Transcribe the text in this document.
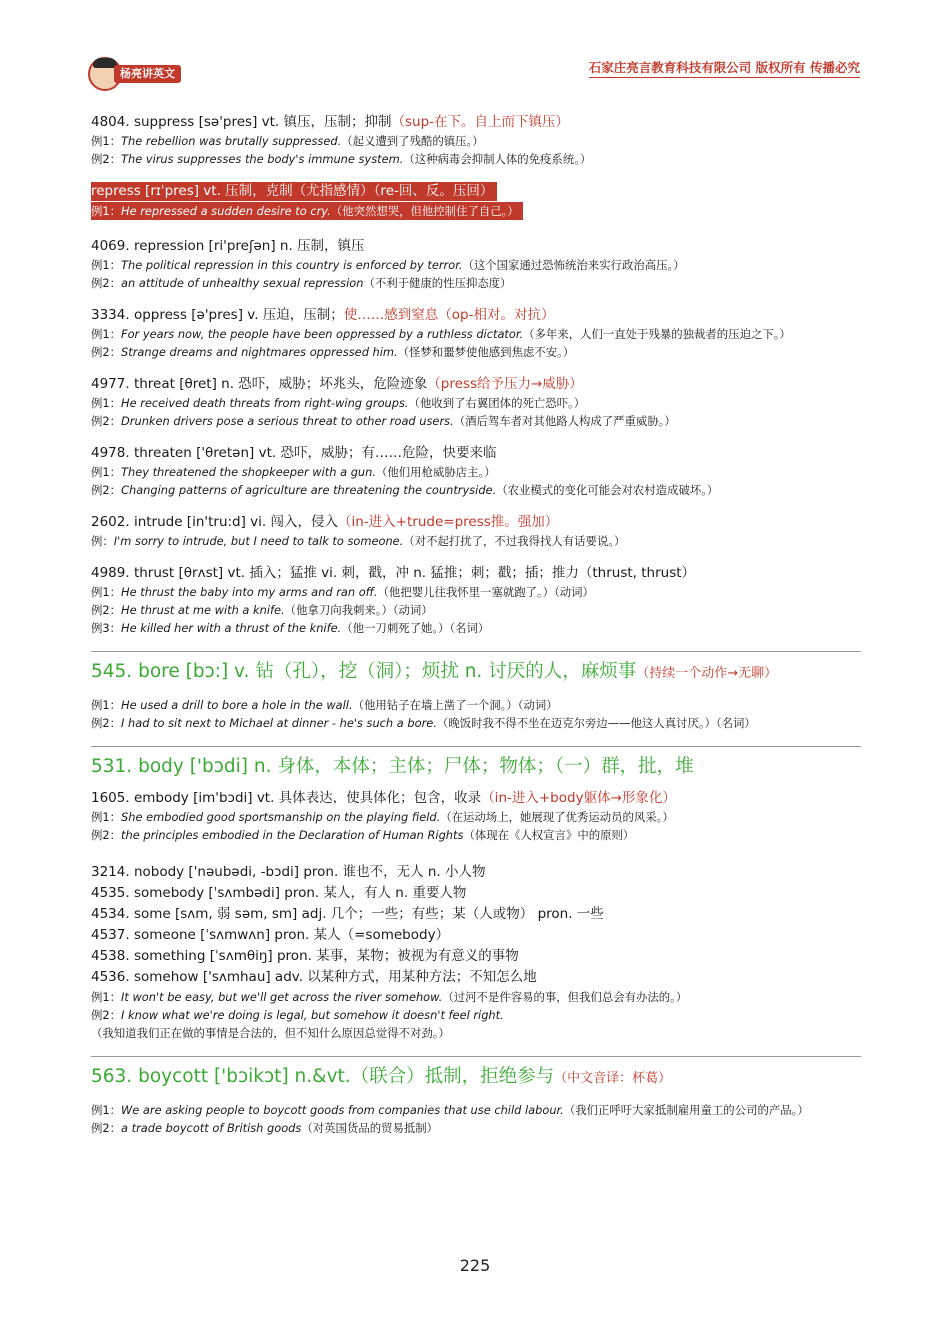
杨亮讲英文	石家庄亮言教育科技有限公司 版权所有 传播必究
4804. suppress [sə'pres] vt. 镇压，压制；抑制（sup-在下。自上而下镇压）
例1：The rebellion was brutally suppressed.（起义遭到了残酷的镇压。）
例2：The virus suppresses the body's immune system.（这种病毒会抑制人体的免疫系统。）
repress [rɪˈpres] vt. 压制，克制（尤指感情）（re-回、反。压回）
例1：He repressed a sudden desire to cry.（他突然想哭，但他控制住了自己。）
4069. repression [ri'preʃən] n. 压制，镇压
例1：The political repression in this country is enforced by terror.（这个国家通过恐怖统治来实行政治高压。）
例2：an attitude of unhealthy sexual repression（不利于健康的性压抑态度）
3334. oppress [ə'pres] v. 压迫，压制；使……感到窒息（op-相对。对抗）
例1：For years now, the people have been oppressed by a ruthless dictator.（多年来，人们一直处于残暴的独裁者的压迫之下。）
例2：Strange dreams and nightmares oppressed him.（怪梦和噩梦使他感到焦虑不安。）
4977. threat [θret] n. 恐吓，威胁；坏兆头，危险迹象（press给予压力→威胁）
例1：He received death threats from right-wing groups.（他收到了右翼团体的死亡恐吓。）
例2：Drunken drivers pose a serious threat to other road users.（酒后驾车者对其他路人构成了严重威胁。）
4978. threaten ['θretən] vt. 恐吓，威胁；有……危险，快要来临
例1：They threatened the shopkeeper with a gun.（他们用枪威胁店主。）
例2：Changing patterns of agriculture are threatening the countryside.（农业模式的变化可能会对农村造成破坏。）
2602. intrude [in'tru:d] vi. 闯入，侵入（in-进入+trude=press推。强加）
例：I'm sorry to intrude, but I need to talk to someone.（对不起打扰了，不过我得找人有话要说。）
4989. thrust [θrʌst] vt. 插入；猛推 vi. 刺，戳，冲 n. 猛推；刺；戳；插；推力（thrust, thrust）
例1：He thrust the baby into my arms and ran off.（他把婴儿往我怀里一塞就跑了。）（动词）
例2：He thrust at me with a knife.（他拿刀向我刺来。）（动词）
例3：He killed her with a thrust of the knife.（他一刀刺死了她。）（名词）
545. bore [bɔ:] v. 钻（孔），挖（洞）；烦扰 n. 讨厌的人，麻烦事（持续一个动作→无聊）
例1：He used a drill to bore a hole in the wall.（他用钻子在墙上凿了一个洞。）（动词）
例2：I had to sit next to Michael at dinner - he's such a bore.（晚饭时我不得不坐在迈克尔旁边——他这人真讨厌。）（名词）
531. body ['bɔdi] n. 身体，本体；主体；尸体；物体；（一）群，批，堆
1605. embody [im'bɔdi] vt. 具体表达，使具体化；包含，收录（in-进入+body躯体→形象化）
例1：She embodied good sportsmanship on the playing field.（在运动场上，她展现了优秀运动员的风采。）
例2：the principles embodied in the Declaration of Human Rights（体现在《人权宣言》中的原则）
3214. nobody ['nəubədi, -bɔdi] pron. 谁也不，无人 n. 小人物
4535. somebody [ˈsʌmbədi] pron. 某人，有人 n. 重要人物
4534. some [sʌm, 弱 səm, sm] adj. 几个；一些；有些；某（人或物） pron. 一些
4537. someone [ˈsʌmwʌn] pron. 某人（=somebody）
4538. something [ˈsʌmθiŋ] pron. 某事，某物；被视为有意义的事物
4536. somehow ['sʌmhau] adv. 以某种方式，用某种方法；不知怎么地
例1：It won't be easy, but we'll get across the river somehow.（过河不是件容易的事，但我们总会有办法的。）
例2：I know what we're doing is legal, but somehow it doesn't feel right.（我知道我们正在做的事情是合法的，但不知什么原因总觉得不对劲。）
563. boycott ['bɔikɔt] n.&vt.（联合）抵制，拒绝参与（中文音译：杯葛）
例1：We are asking people to boycott goods from companies that use child labour.（我们正呼吁大家抵制雇用童工的公司的产品。）
例2：a trade boycott of British goods（对英国货品的贸易抵制）
225
